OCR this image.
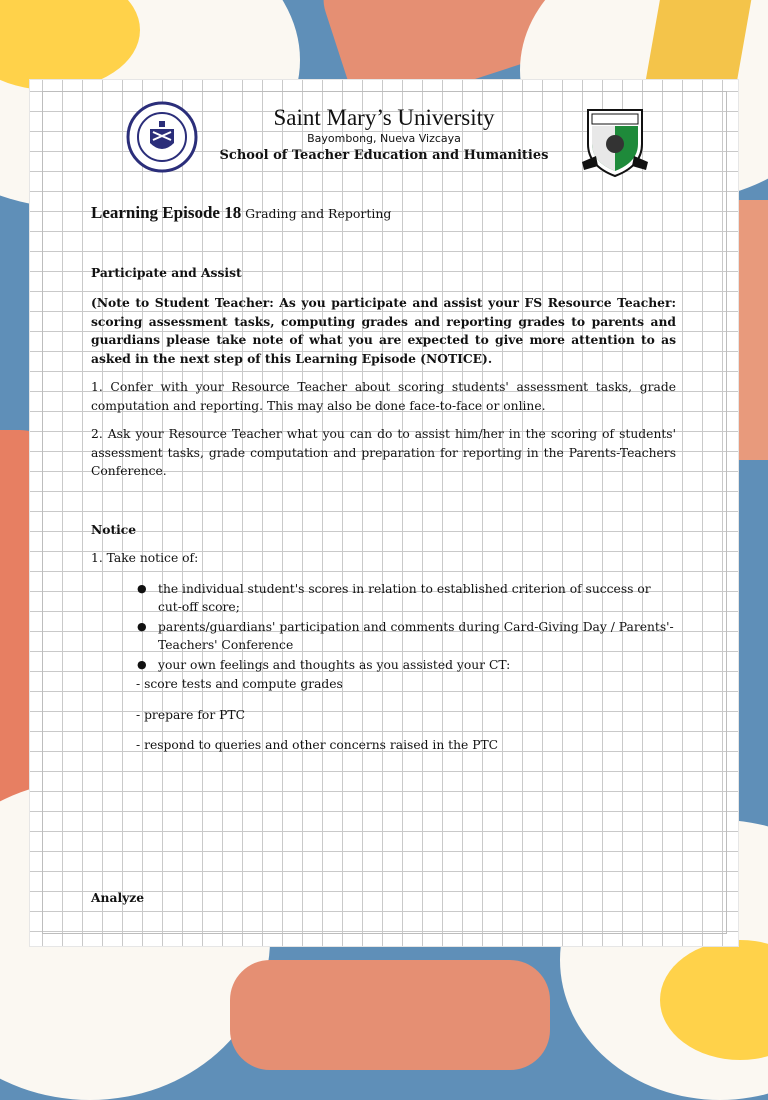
Saint Mary’s University
Bayombong, Nueva Vizcaya
School of Teacher Education and Humanities
Learning Episode 18 Grading and Reporting
Participate and Assist
(Note to Student Teacher: As you participate and assist your FS Resource Teacher: scoring assessment tasks, computing grades and reporting grades to parents and guardians please take note of what you are expected to give more attention to as asked in the next step of this Learning Episode (NOTICE).
1. Confer with your Resource Teacher about scoring students' assessment tasks, grade computation and reporting. This may also be done face-to-face or online.
2. Ask your Resource Teacher what you can do to assist him/her in the scoring of students' assessment tasks, grade computation and preparation for reporting in the Parents-Teachers Conference.
Notice
1. Take notice of:
● the individual student's scores in relation to established criterion of success or cut-off score;
● parents/guardians' participation and comments during Card-Giving Day / Parents'-Teachers' Conference
● your own feelings and thoughts as you assisted your CT:
- score tests and compute grades
- prepare for PTC
- respond to queries and other concerns raised in the PTC
Analyze
